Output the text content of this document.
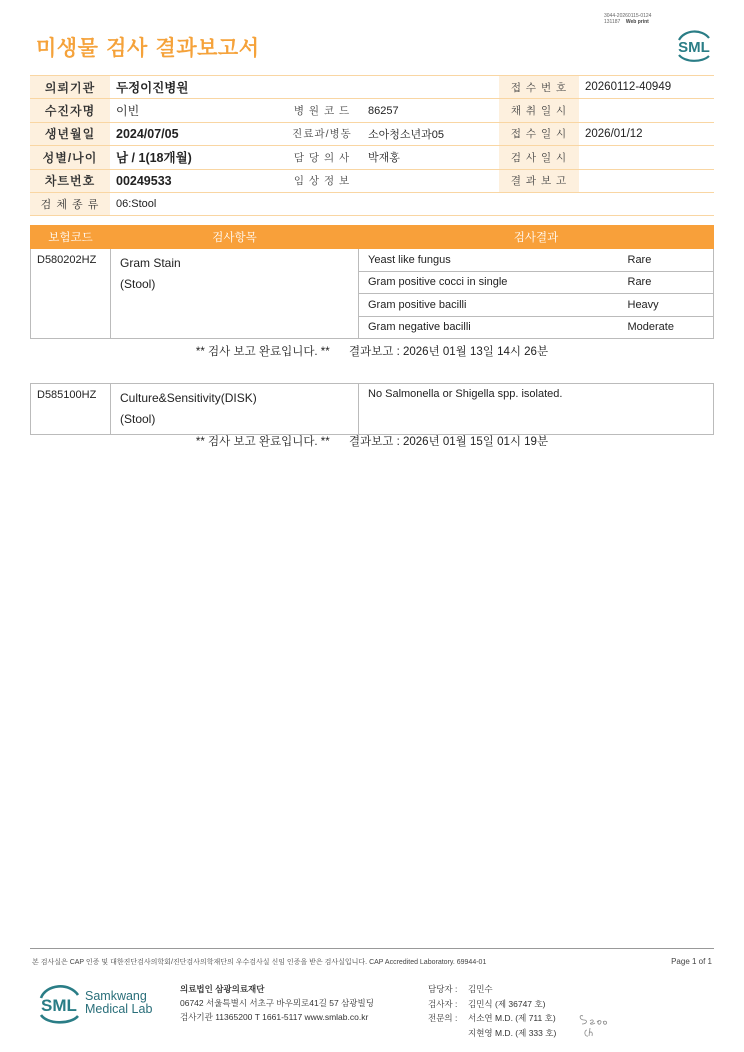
미생물 검사 결과보고서
3044-20260115-0124
131187 Web print
SML
의뢰기관	두정이진병원			접 수 번 호	20260112-40949
수진자명	이빈	병 원 코 드	86257	채 취 일 시	
생년월일	2024/07/05	진료과/병동	소아청소년과05	접 수 일 시	2026/01/12
성별/나이	남 / 1(18개월)	담 당 의 사	박재홍	검 사 일 시	
차트번호	00249533	임 상 정 보		결 과 보 고	
검 체 종 류	06:Stool				
보험코드	검사항목	검사결과	
D580202HZ	Gram Stain
(Stool)	Yeast like fungus	Rare
		Gram positive cocci in single	Rare
		Gram positive bacilli	Heavy
		Gram negative bacilli	Moderate
** 검사 보고 완료입니다. ** 결과보고 : 2026년 01월 13일 14시 26분
D585100HZ	Culture&Sensitivity(DISK)
(Stool)
	No Salmonella or Shigella spp. isolated.
** 검사 보고 완료입니다. ** 결과보고 : 2026년 01월 15일 01시 19분
본 검사실은 CAP 인증 및 대한진단검사의학회/진단검사의학재단의 우수검사실 신임 인증을 받은 검사실입니다. CAP Accredited Laboratory. 69944-01	Page 1 of 1
SML Samkwang
Medical Lab
의료법인 삼광의료재단
06742 서울특별시 서초구 바우뫼로41길 57 삼광빌딩
검사기관 11365200 T 1661-5117 www.smlab.co.kr
담당자 :	김민수
검사자 :	김민식 (제 36747 호)
전문의 :	서소연 M.D. (제 711 호)
지현영 M.D. (제 333 호)
